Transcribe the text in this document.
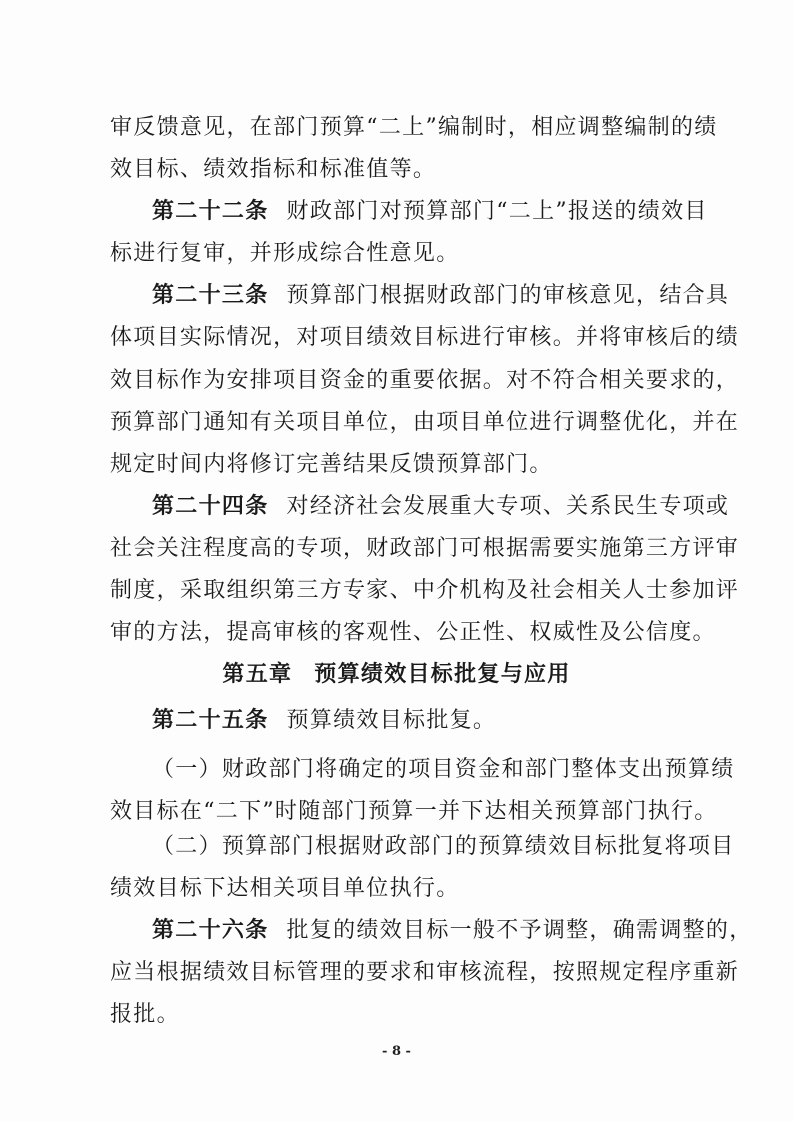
审反馈意见，在部门预算“二上”编制时，相应调整编制的绩
效目标、绩效指标和标准值等。
第二十二条 财政部门对预算部门“二上”报送的绩效目
标进行复审，并形成综合性意见。
第二十三条 预算部门根据财政部门的审核意见，结合具
体项目实际情况，对项目绩效目标进行审核。并将审核后的绩
效目标作为安排项目资金的重要依据。对不符合相关要求的，
预算部门通知有关项目单位，由项目单位进行调整优化，并在
规定时间内将修订完善结果反馈预算部门。
第二十四条 对经济社会发展重大专项、关系民生专项或
社会关注程度高的专项，财政部门可根据需要实施第三方评审
制度，采取组织第三方专家、中介机构及社会相关人士参加评
审的方法，提高审核的客观性、公正性、权威性及公信度。
第五章 预算绩效目标批复与应用
第二十五条 预算绩效目标批复。
（一）财政部门将确定的项目资金和部门整体支出预算绩
效目标在“二下”时随部门预算一并下达相关预算部门执行。
（二）预算部门根据财政部门的预算绩效目标批复将项目
绩效目标下达相关项目单位执行。
第二十六条 批复的绩效目标一般不予调整，确需调整的，
应当根据绩效目标管理的要求和审核流程，按照规定程序重新
报批。
- 8 -
